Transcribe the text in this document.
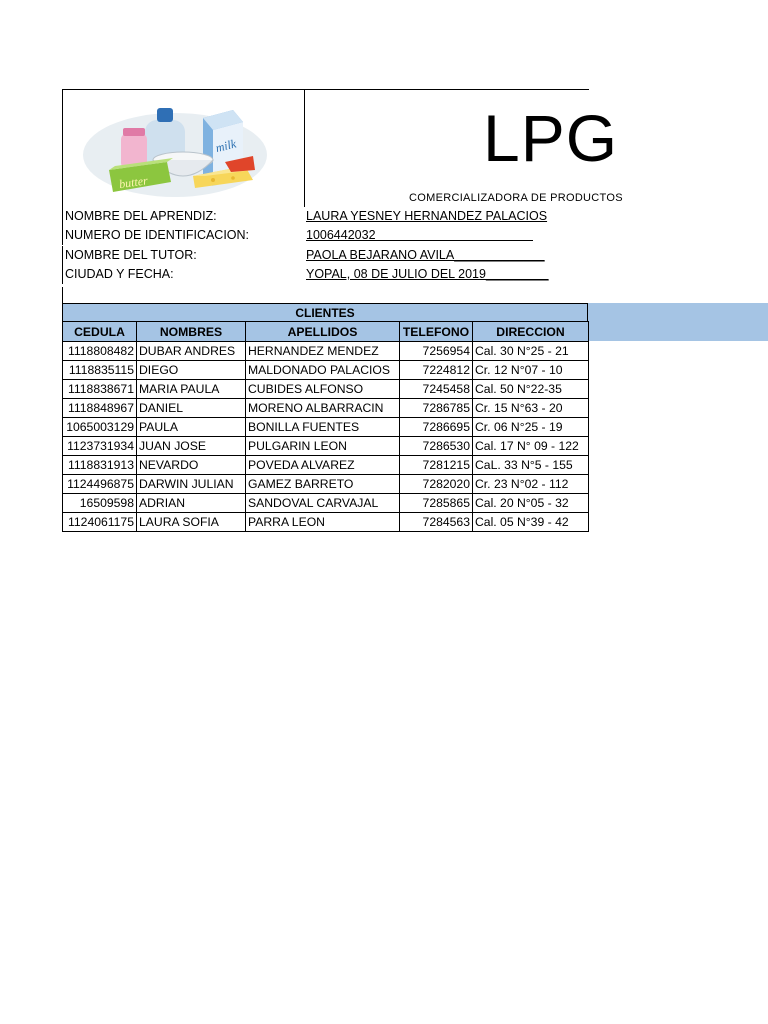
milk
butter
LPG
COMERCIALIZADORA DE PRODUCTOS
NOMBRE DEL APRENDIZ:	LAURA YESNEY HERNANDEZ PALACIOS
NUMERO DE IDENTIFICACION:	1006442032
NOMBRE DEL TUTOR:	PAOLA BEJARANO AVILA_____________
CIUDAD Y FECHA:	YOPAL, 08 DE JULIO DEL 2019_________
CLIENTES
CEDULA	NOMBRES	APELLIDOS	TELEFONO	DIRECCION
1118808482	DUBAR ANDRES	HERNANDEZ MENDEZ	7256954	Cal. 30 N°25 - 21
1118835115	DIEGO	MALDONADO PALACIOS	7224812	Cr. 12 N°07 - 10
1118838671	MARIA PAULA	CUBIDES ALFONSO	7245458	Cal. 50 N°22-35
1118848967	DANIEL	MORENO ALBARRACIN	7286785	Cr. 15 N°63 - 20
1065003129	PAULA	BONILLA FUENTES	7286695	Cr. 06 N°25 - 19
1123731934	JUAN JOSE	PULGARIN LEON	7286530	Cal. 17 N° 09 - 122
1118831913	NEVARDO	POVEDA ALVAREZ	7281215	CaL. 33 N°5 - 155
1124496875	DARWIN JULIAN	GAMEZ BARRETO	7282020	Cr. 23 N°02 - 112
16509598	ADRIAN	SANDOVAL CARVAJAL	7285865	Cal. 20 N°05 - 32
1124061175	LAURA SOFIA	PARRA LEON	7284563	Cal. 05 N°39 - 42
